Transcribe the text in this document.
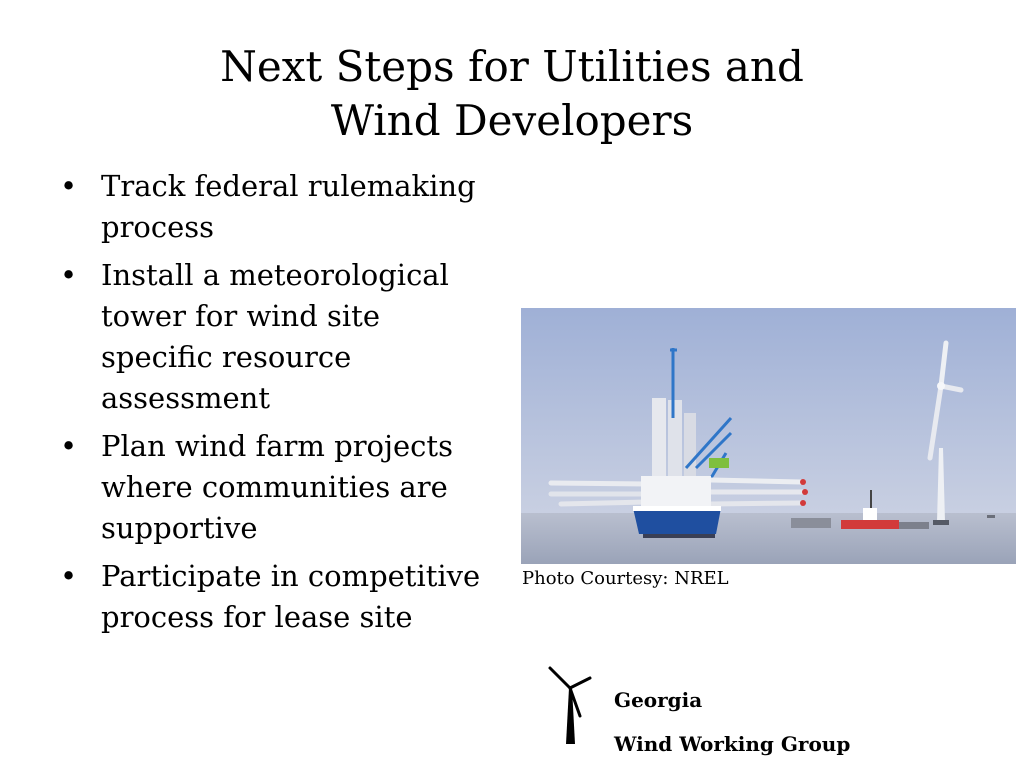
Next Steps for Utilities and
Wind Developers
• Track federal rulemaking process
• Install a meteorological tower for wind site specific resource assessment
• Plan wind farm projects where communities are supportive
• Participate in competitive process for lease site
Photo Courtesy: NREL
Georgia
Wind Working Group
